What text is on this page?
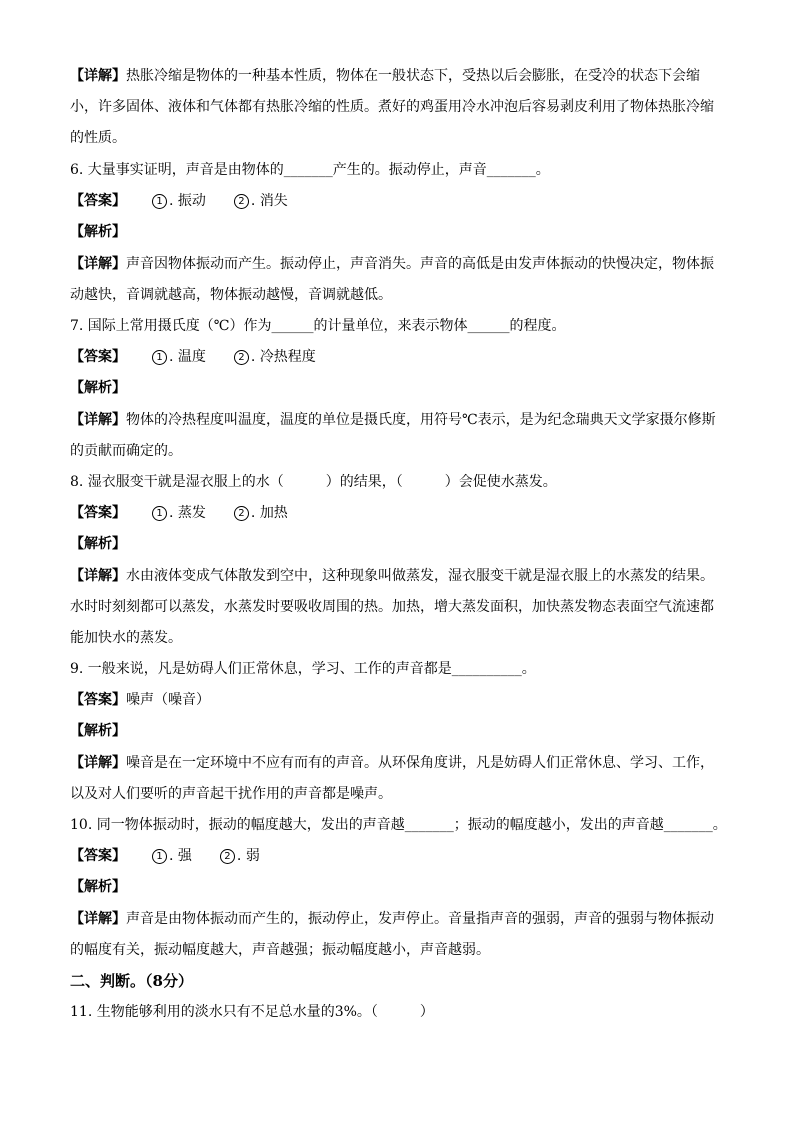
【详解】热胀冷缩是物体的一种基本性质，物体在一般状态下，受热以后会膨胀，在受冷的状态下会缩
小，许多固体、液体和气体都有热胀冷缩的性质。煮好的鸡蛋用冷水冲泡后容易剥皮利用了物体热胀冷缩
的性质。
6. 大量事实证明，声音是由物体的_______产生的。振动停止，声音_______。
【答案】	1 . 振动	2 . 消失
【解析】
【详解】声音因物体振动而产生。振动停止，声音消失。声音的高低是由发声体振动的快慢决定，物体振
动越快，音调就越高，物体振动越慢，音调就越低。
7. 国际上常用摄氏度（℃）作为______的计量单位，来表示物体______的程度。
【答案】	1 . 温度	2 . 冷热程度
【解析】
【详解】物体的冷热程度叫温度，温度的单位是摄氏度，用符号℃表示，是为纪念瑞典天文学家摄尔修斯
的贡献而确定的。
8. 湿衣服变干就是湿衣服上的水（　　　）的结果，（　　　）会促使水蒸发。
【答案】	1 . 蒸发	2 . 加热
【解析】
【详解】水由液体变成气体散发到空中，这种现象叫做蒸发，湿衣服变干就是湿衣服上的水蒸发的结果。
水时时刻刻都可以蒸发，水蒸发时要吸收周围的热。加热，增大蒸发面积，加快蒸发物态表面空气流速都
能加快水的蒸发。
9. 一般来说，凡是妨碍人们正常休息，学习、工作的声音都是__________。
【答案】噪声（噪音）
【解析】
【详解】噪音是在一定环境中不应有而有的声音。从环保角度讲，凡是妨碍人们正常休息、学习、工作，
以及对人们要听的声音起干扰作用的声音都是噪声。
10. 同一物体振动时，振动的幅度越大，发出的声音越_______；振动的幅度越小，发出的声音越_______。
【答案】	1 . 强	2 . 弱
【解析】
【详解】声音是由物体振动而产生的，振动停止，发声停止。音量指声音的强弱，声音的强弱与物体振动
的幅度有关，振动幅度越大，声音越强；振动幅度越小，声音越弱。
二、判断。（8分）
11. 生物能够利用的淡水只有不足总水量的3%。（　　　）
